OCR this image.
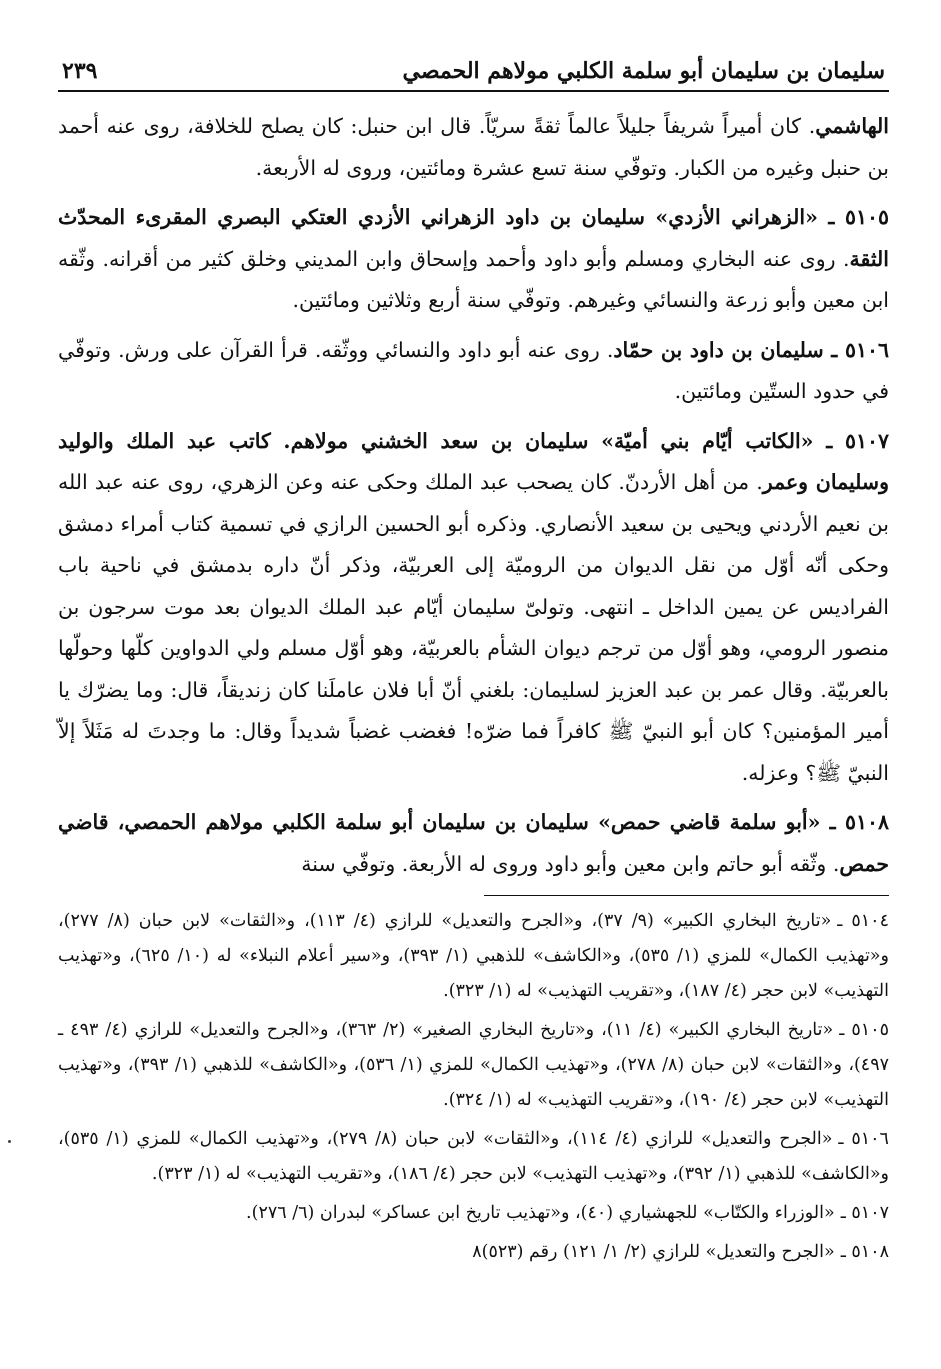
سليمان بن سليمان أبو سلمة الكلبي مولاهم الحمصي
٢٣٩

الهاشمي. كان أميراً شريفاً جليلاً عالماً ثقةً سريّاً. قال ابن حنبل: كان يصلح للخلافة، روى عنه أحمد بن حنبل وغيره من الكبار. وتوفّي سنة تسع عشرة ومائتين، وروى له الأربعة.

٥١٠٥ ـ «الزهراني الأزدي» سليمان بن داود الزهراني الأزدي العتكي البصري المقرىء المحدّث الثقة. روى عنه البخاري ومسلم وأبو داود وأحمد وإسحاق وابن المديني وخلق كثير من أقرانه. وثّقه ابن معين وأبو زرعة والنسائي وغيرهم. وتوفّي سنة أربع وثلاثين ومائتين.

٥١٠٦ ـ سليمان بن داود بن حمّاد. روى عنه أبو داود والنسائي ووثّقه. قرأ القرآن على ورش. وتوفّي في حدود الستّين ومائتين.

٥١٠٧ ـ «الكاتب أيّام بني أميّة» سليمان بن سعد الخشني مولاهم. كاتب عبد الملك والوليد وسليمان وعمر. من أهل الأردنّ. كان يصحب عبد الملك وحكى عنه وعن الزهري، روى عنه عبد الله بن نعيم الأردني ويحيى بن سعيد الأنصاري. وذكره أبو الحسين الرازي في تسمية كتاب أمراء دمشق وحكى أنّه أوّل من نقل الديوان من الروميّة إلى العربيّة، وذكر أنّ داره بدمشق في ناحية باب الفراديس عن يمين الداخل ـ انتهى. وتولىّ سليمان أيّام عبد الملك الديوان بعد موت سرجون بن منصور الرومي، وهو أوّل من ترجم ديوان الشأم بالعربيّة، وهو أوّل مسلم ولي الدواوين كلّها وحولّها بالعربيّة. وقال عمر بن عبد العزيز لسليمان: بلغني أنّ أبا فلان عاملَنا كان زنديقاً، قال: وما يضرّك يا أمير المؤمنين؟ كان أبو النبيّ ﷺ كافراً فما ضرّه! فغضب غضباً شديداً وقال: ما وجدتَ له مَثَلاً إلاّ النبيّ ﷺ؟ وعزله.

٥١٠٨ ـ «أبو سلمة قاضي حمص» سليمان بن سليمان أبو سلمة الكلبي مولاهم الحمصي، قاضي حمص. وثّقه أبو حاتم وابن معين وأبو داود وروى له الأربعة. وتوفّي سنة

٥١٠٤ ـ«تاريخ البخاري الكبير» (٩/ ٣٧)، و«الجرح والتعديل» للرازي (٤/ ١١٣)، و«الثقات» لابن حبان (٨/ ٢٧٧)، و«تهذيب الكمال» للمزي (١/ ٥٣٥)، و«الكاشف» للذهبي (١/ ٣٩٣)، و«سير أعلام النبلاء» له (١٠/ ٦٢٥)، و«تهذيب التهذيب» لابن حجر (٤/ ١٨٧)، و«تقريب التهذيب» له (١/ ٣٢٣).

٥١٠٥ ـ«تاريخ البخاري الكبير» (٤/ ١١)، و«تاريخ البخاري الصغير» (٢/ ٣٦٣)، و«الجرح والتعديل» للرازي (٤/ ٤٩٣ ـ ٤٩٧)، و«الثقات» لابن حبان (٨/ ٢٧٨)، و«تهذيب الكمال» للمزي (١/ ٥٣٦)، و«الكاشف» للذهبي (١/ ٣٩٣)، و«تهذيب التهذيب» لابن حجر (٤/ ١٩٠)، و«تقريب التهذيب» له (١/ ٣٢٤).

٥١٠٦ ـ«الجرح والتعديل» للرازي (٤/ ١١٤)، و«الثقات» لابن حبان (٨/ ٢٧٩)، و«تهذيب الكمال» للمزي (١/ ٥٣٥)، و«الكاشف» للذهبي (١/ ٣٩٢)، و«تهذيب التهذيب» لابن حجر (٤/ ١٨٦)، و«تقريب التهذيب» له (١/ ٣٢٣).

٥١٠٧ ـ«الوزراء والكتّاب» للجهشياري (٤٠)، و«تهذيب تاريخ ابن عساكر» لبدران (٦/ ٢٧٦).

٥١٠٨ ـ«الجرح والتعديل» للرازي (٢/ ١/ ١٢١) رقم (٥٢٣)٨
